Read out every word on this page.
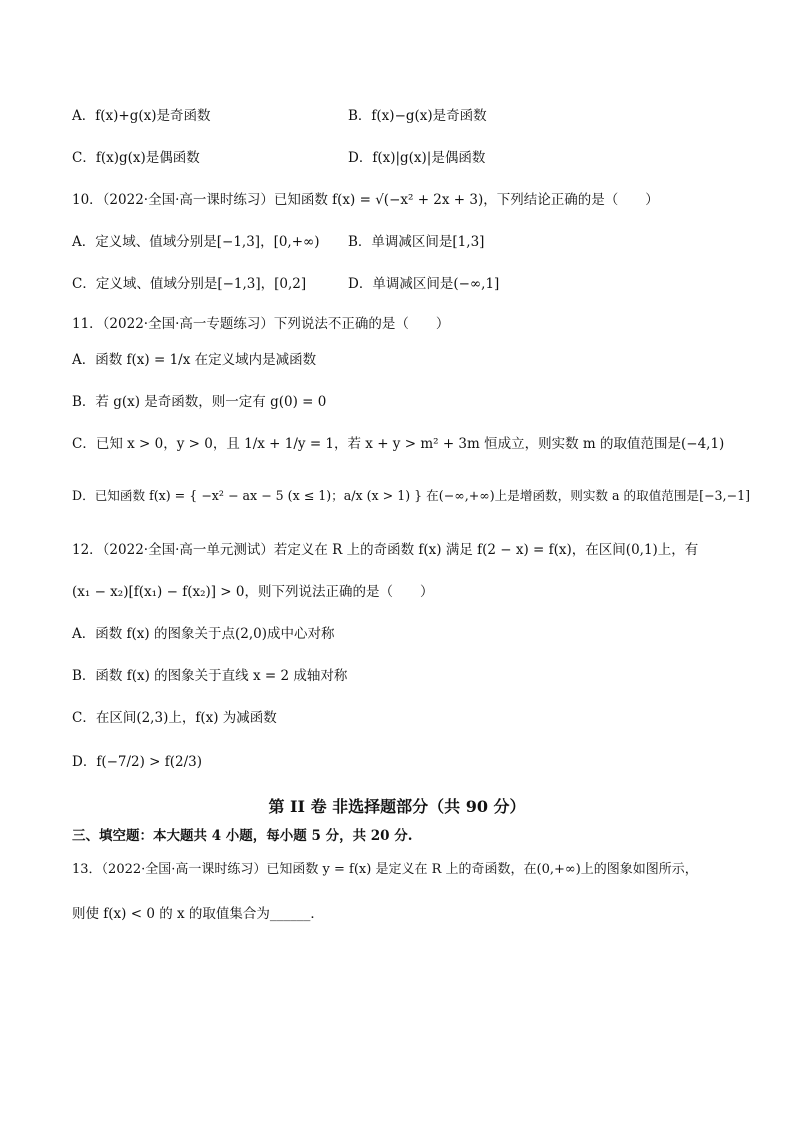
A．f(x)+g(x)是奇函数	B．f(x)−g(x)是奇函数
C．f(x)g(x)是偶函数	D．f(x)|g(x)|是偶函数
10．（2022·全国·高一课时练习）已知函数 f(x) = √(−x² + 2x + 3)，下列结论正确的是（　　）
A．定义域、值域分别是[−1,3]，[0,+∞) B．单调减区间是[1,3]
C．定义域、值域分别是[−1,3]，[0,2]	D．单调减区间是(−∞,1]
11．（2022·全国·高一专题练习）下列说法不正确的是（　　）
A．函数 f(x) = 1/x 在定义域内是减函数
B．若 g(x) 是奇函数，则一定有 g(0) = 0
C．已知 x > 0，y > 0，且 1/x + 1/y = 1，若 x + y > m² + 3m 恒成立，则实数 m 的取值范围是(−4,1)
D．已知函数 f(x) = { −x² − ax − 5 (x ≤ 1)；a/x (x > 1) } 在(−∞,+∞)上是增函数，则实数 a 的取值范围是[−3,−1]
12．（2022·全国·高一单元测试）若定义在 R 上的奇函数 f(x) 满足 f(2 − x) = f(x)，在区间(0,1)上，有
(x₁ − x₂)[f(x₁) − f(x₂)] > 0，则下列说法正确的是（　　）
A．函数 f(x) 的图象关于点(2,0)成中心对称
B．函数 f(x) 的图象关于直线 x = 2 成轴对称
C．在区间(2,3)上，f(x) 为减函数
D．f(−7/2) > f(2/3)
第 II 卷 非选择题部分（共 90 分）
三、填空题：本大题共 4 小题，每小题 5 分，共 20 分.
13．（2022·全国·高一课时练习）已知函数 y = f(x) 是定义在 R 上的奇函数，在(0,+∞)上的图象如图所示，
则使 f(x) < 0 的 x 的取值集合为______．
